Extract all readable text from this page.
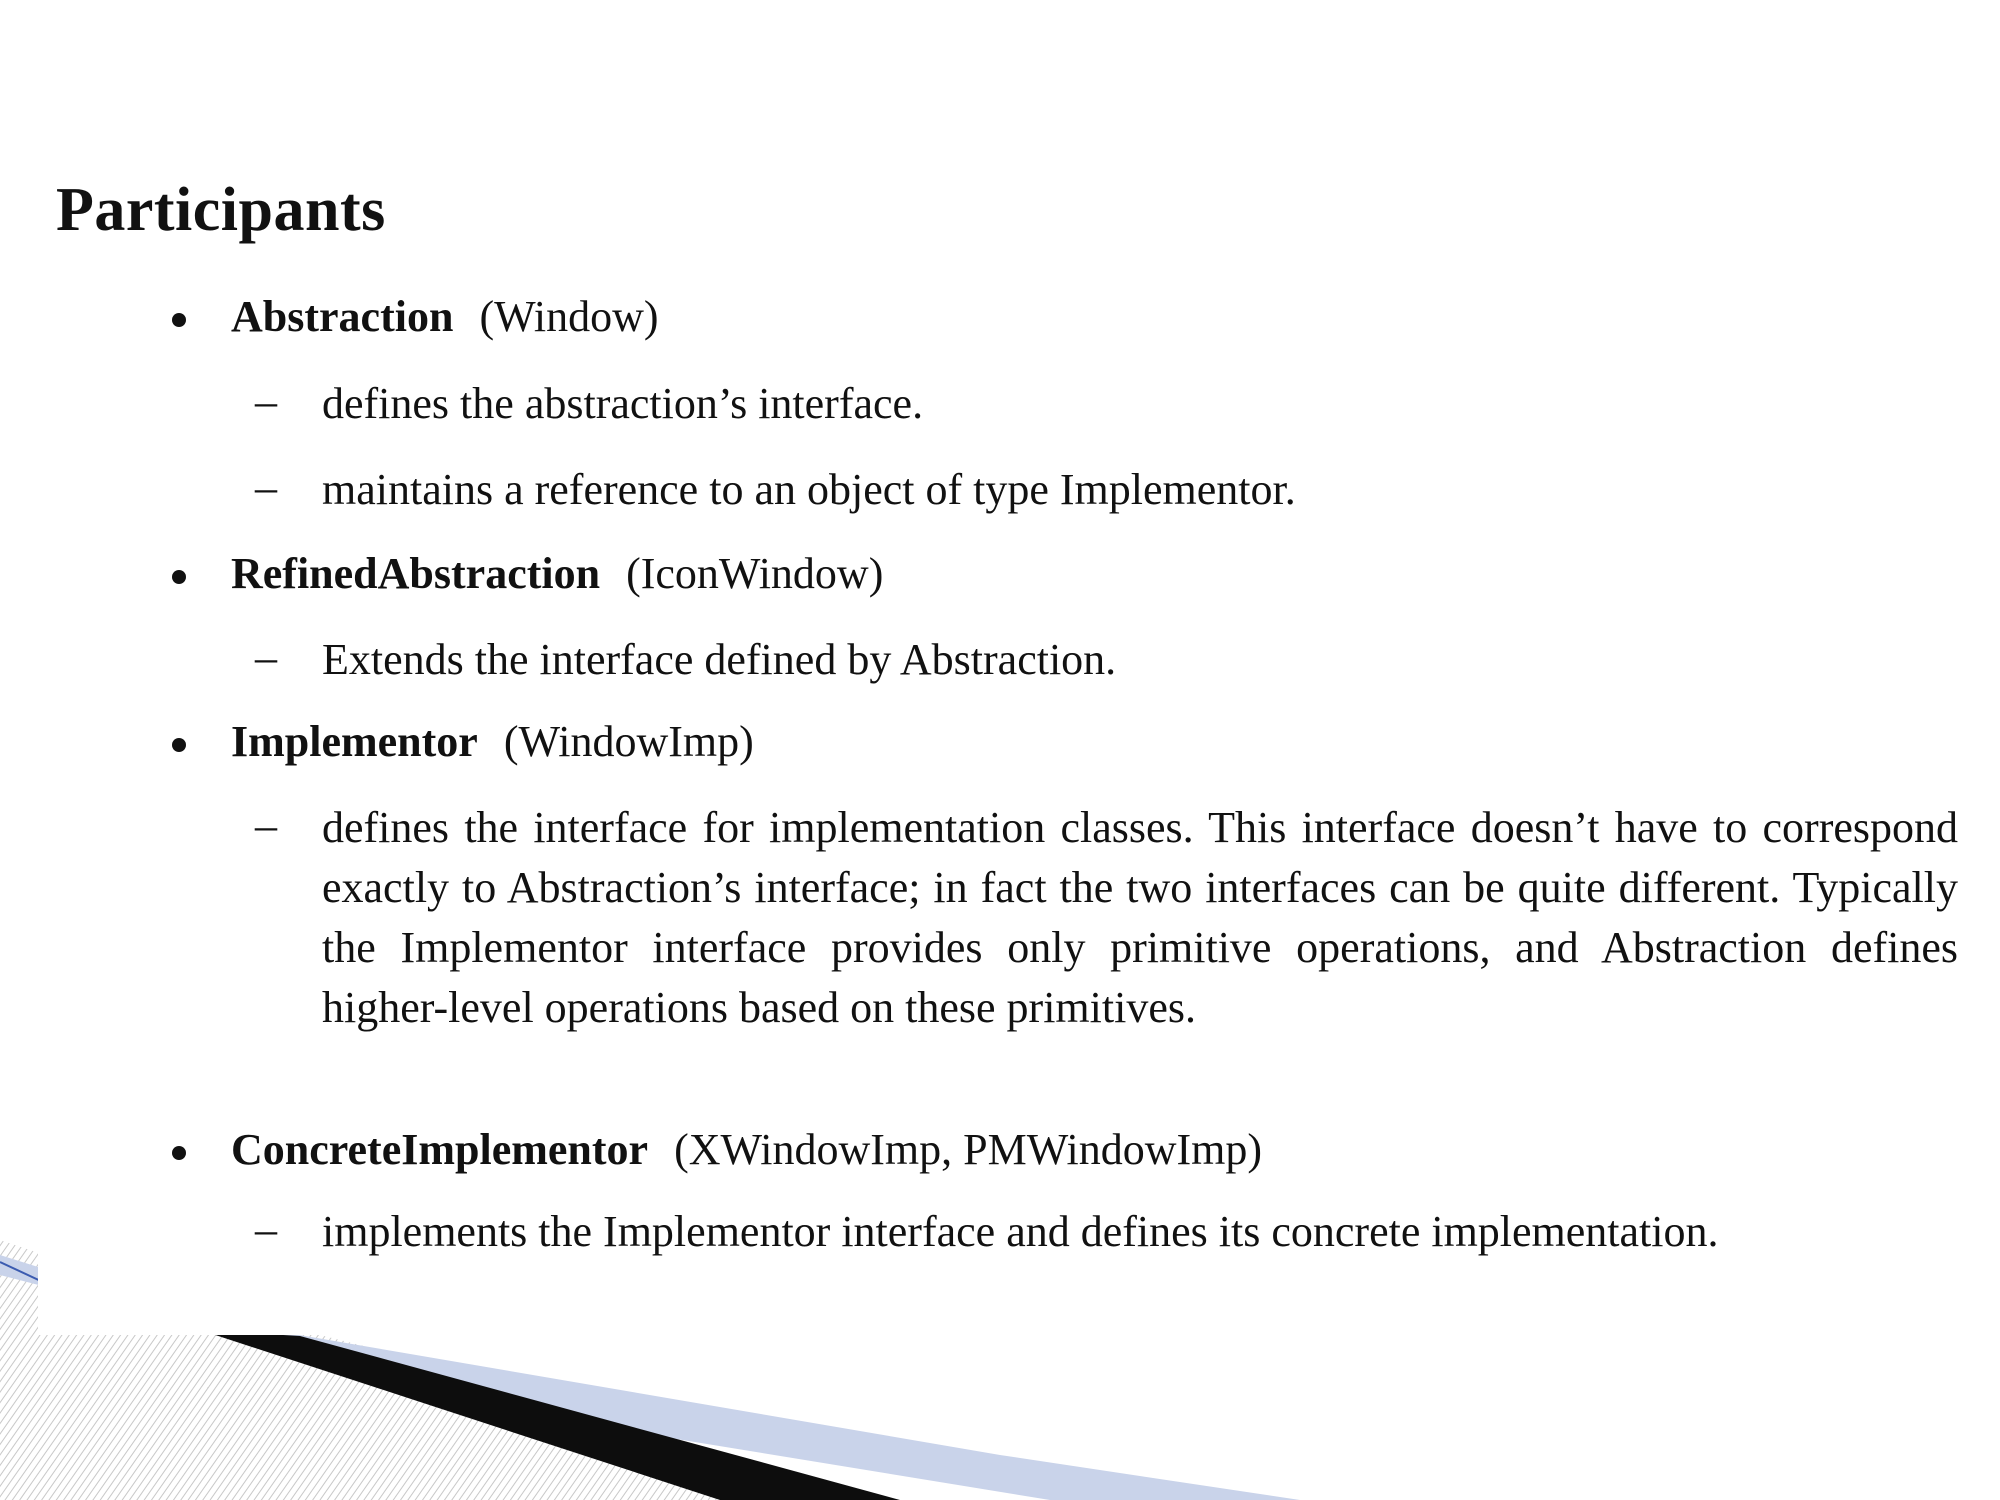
Participants

Abstraction (Window)

– defines the abstraction’s interface.

– maintains a reference to an object of type Implementor.

RefinedAbstraction (IconWindow)

– Extends the interface defined by Abstraction.

Implementor (WindowImp)

– defines the interface for implementation classes. This interface doesn’t have to correspond exactly to Abstraction’s interface; in fact the two interfaces can be quite different. Typically the Implementor interface provides only primitive operations, and Abstraction defines higher-level operations based on these primitives.

ConcreteImplementor (XWindowImp, PMWindowImp)

– implements the Implementor interface and defines its concrete implementation.
